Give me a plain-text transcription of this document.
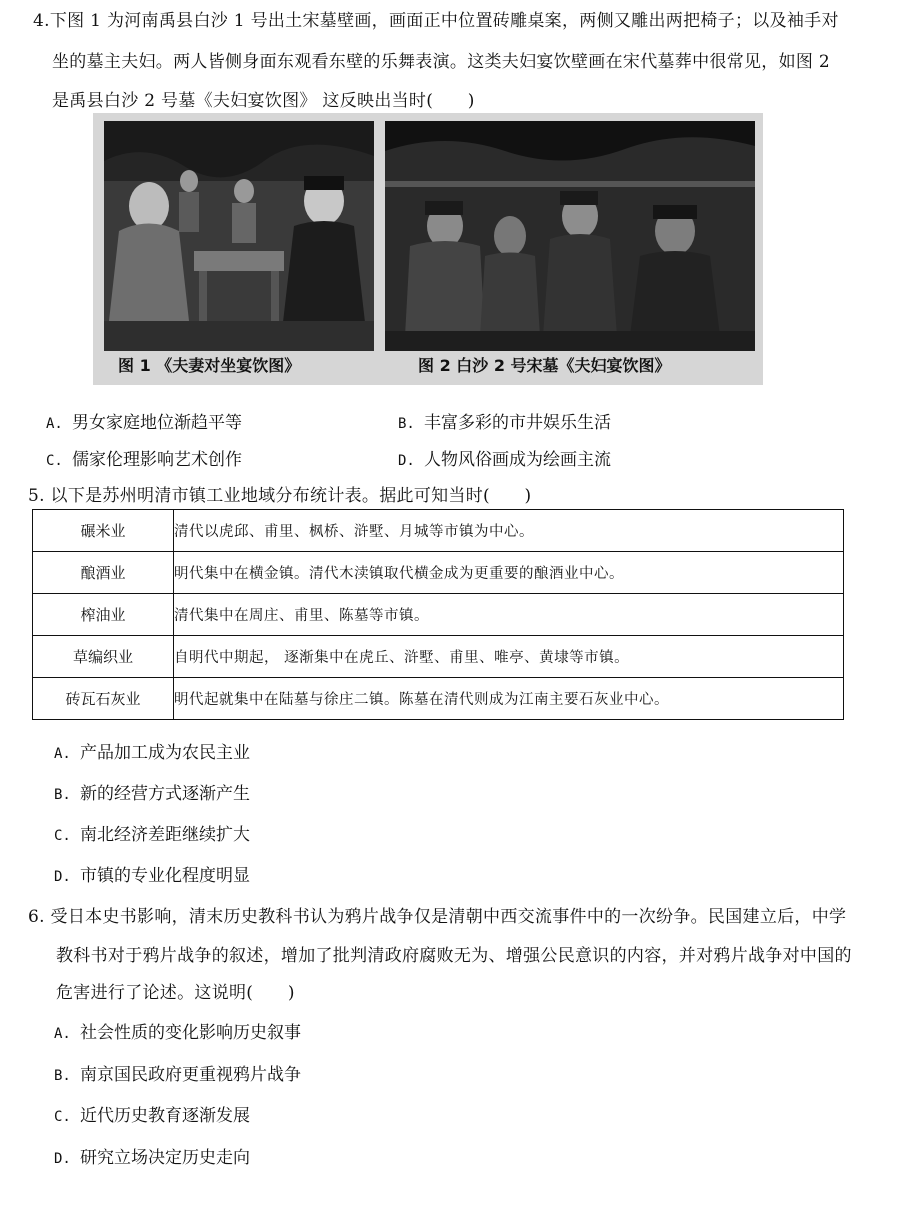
4.下图 1 为河南禹县白沙 1 号出土宋墓壁画，画面正中位置砖雕桌案，两侧又雕出两把椅子；以及袖手对
坐的墓主夫妇。两人皆侧身面东观看东壁的乐舞表演。这类夫妇宴饮壁画在宋代墓葬中很常见，如图 2
是禹县白沙 2 号墓《夫妇宴饮图》 这反映出当时(　　)
图 1 《夫妻对坐宴饮图》	图 2 白沙 2 号宋墓《夫妇宴饮图》
A. 男女家庭地位渐趋平等	B. 丰富多彩的市井娱乐生活
C. 儒家伦理影响艺术创作	D. 人物风俗画成为绘画主流
5. 以下是苏州明清市镇工业地域分布统计表。据此可知当时(　　)
碾米业	清代以虎邱、甫里、枫桥、浒墅、月城等市镇为中心。
酿酒业	明代集中在横金镇。清代木渎镇取代横金成为更重要的酿酒业中心。
榨油业	清代集中在周庄、甫里、陈墓等市镇。
草编织业	自明代中期起， 逐渐集中在虎丘、浒墅、甫里、唯亭、黄埭等市镇。
砖瓦石灰业	明代起就集中在陆墓与徐庄二镇。陈墓在清代则成为江南主要石灰业中心。
A. 产品加工成为农民主业
B. 新的经营方式逐渐产生
C. 南北经济差距继续扩大
D. 市镇的专业化程度明显
6. 受日本史书影响，清末历史教科书认为鸦片战争仅是清朝中西交流事件中的一次纷争。民国建立后，中学
教科书对于鸦片战争的叙述，增加了批判清政府腐败无为、增强公民意识的内容，并对鸦片战争对中国的
危害进行了论述。这说明(　　)
A. 社会性质的变化影响历史叙事
B. 南京国民政府更重视鸦片战争
C. 近代历史教育逐渐发展
D. 研究立场决定历史走向
